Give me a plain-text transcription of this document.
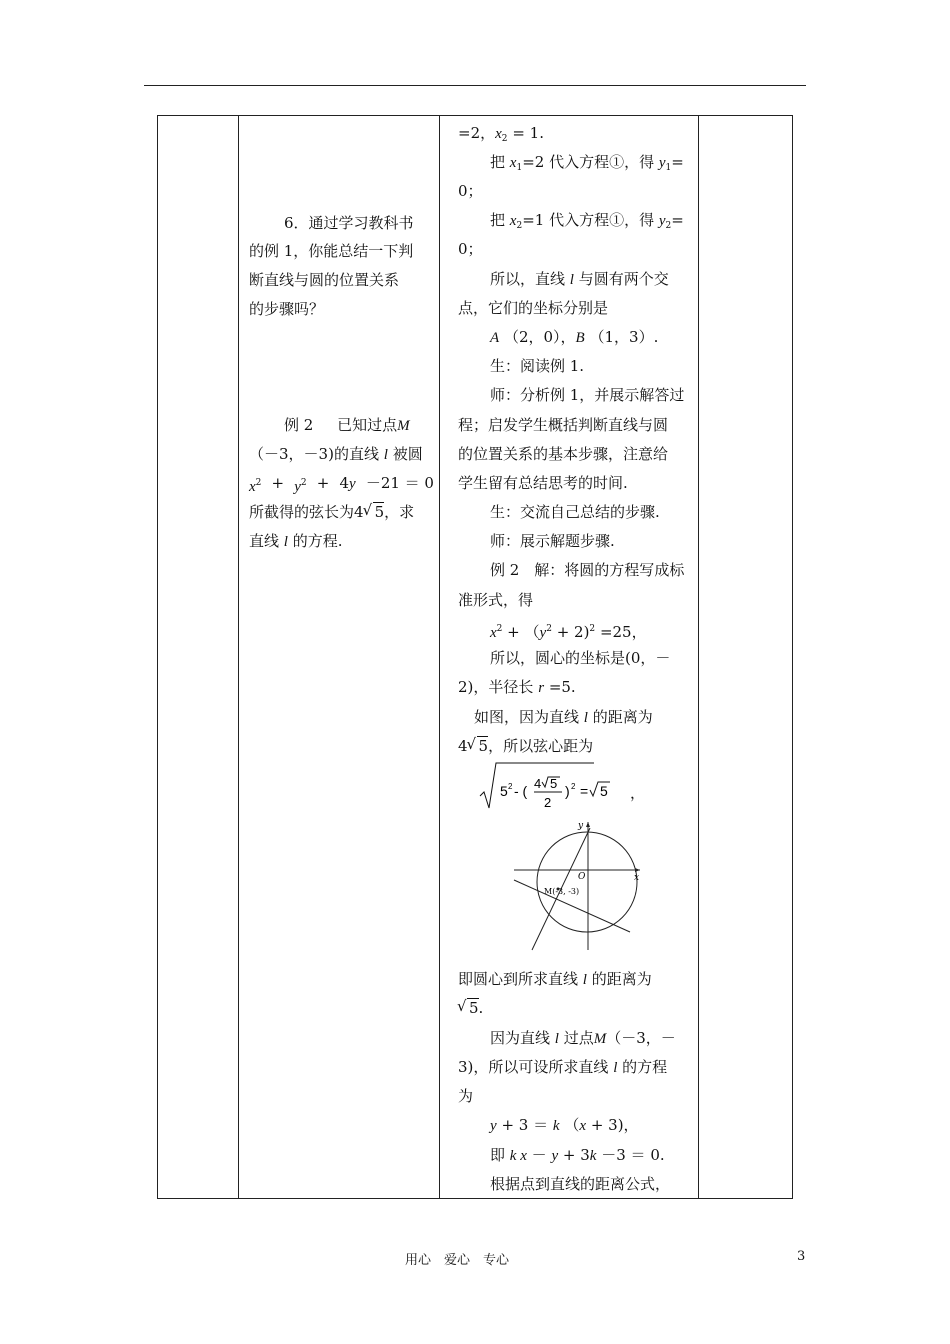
6．通过学习教科书
的例 1，你能总结一下判
断直线与圆的位置关系
的步骤吗？
例 2 已知过点M
（－3，－3)的直线 l 被圆
$x^2 + y^2 + 4y -21 = 0$
所截得的弦长为4 √ 5，求
直线 l 的方程.
=2，$x_2 = 1$.
把 $x_1=2$ 代入方程①，得 $y_1=$
0；
把 $x_2=1$ 代入方程①，得 $y_2=$
0；
所以，直线 l 与圆有两个交
点，它们的坐标分别是
A （2，0），B （1，3）.
生：阅读例 1.
师：分析例 1，并展示解答过
程；启发学生概括判断直线与圆
的位置关系的基本步骤，注意给
学生留有总结思考的时间.
生：交流自己总结的步骤.
师：展示解题步骤.
例 2　解：将圆的方程写成标
准形式，得
$x^2 + (y^2 + 2)^2 =25$，
所以，圆心的坐标是(0，－
2)，半径长 r =5.
如图，因为直线 l 的距离为
4 √ 5，所以弦心距为
5 2 - ( 4 5
2
) 2 = 5 ，
x
y
O
M(-3, -3)
即圆心到所求直线 l 的距离为
√ 5.
因为直线 l 过点M（－3，－
3)，所以可设所求直线 l 的方程
为
y + 3 ＝ k （x + 3)，
即 k x － y + 3k －3 ＝ 0.
根据点到直线的距离公式，
用心　爱心　专心	3
